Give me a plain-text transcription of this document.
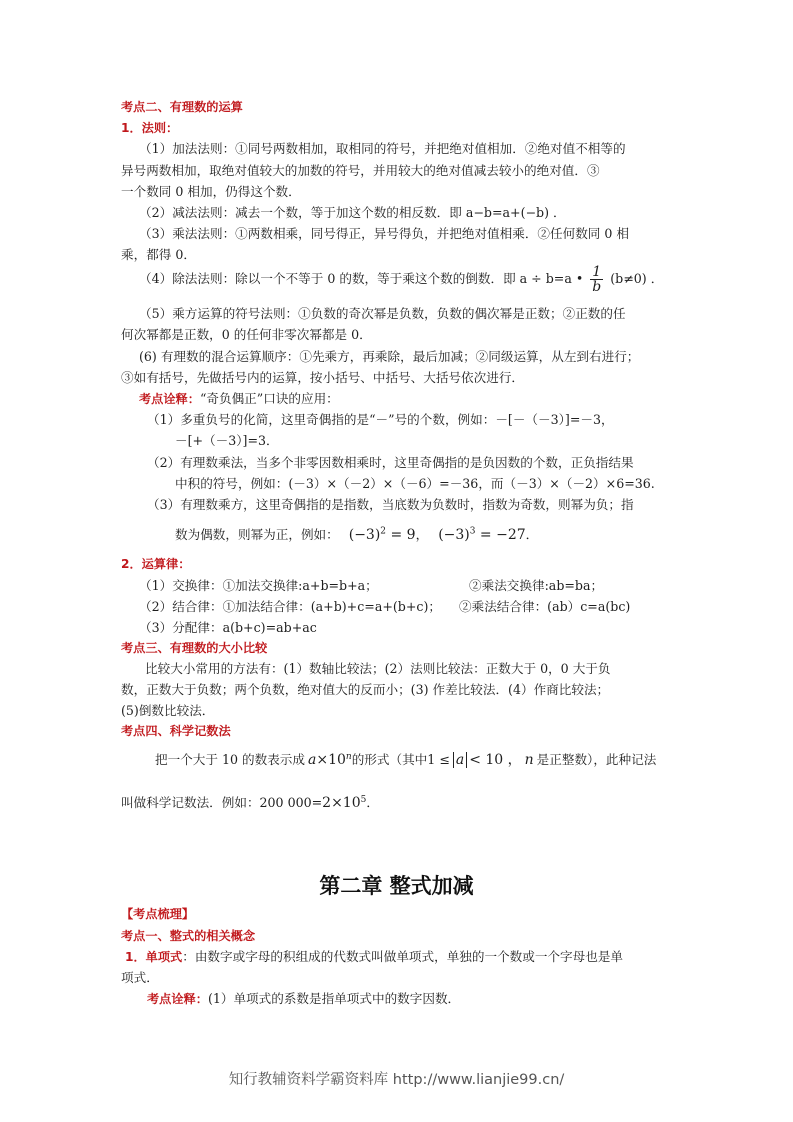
考点二、有理数的运算
1．法则：
（1）加法法则：①同号两数相加，取相同的符号，并把绝对值相加．②绝对值不相等的
异号两数相加，取绝对值较大的加数的符号，并用较大的绝对值减去较小的绝对值．③
一个数同 0 相加，仍得这个数．
（2）减法法则：减去一个数，等于加这个数的相反数．即 a−b=a+(−b) ．
（3）乘法法则：①两数相乘，同号得正，异号得负，并把绝对值相乘．②任何数同 0 相
乘，都得 0．
（4）除法法则：除以一个不等于 0 的数，等于乘这个数的倒数．即 a ÷ b=a • $\frac{1}{b} (b\ne 0)$ ．
（5）乘方运算的符号法则：①负数的奇次幂是负数，负数的偶次幂是正数；②正数的任
何次幂都是正数，0 的任何非零次幂都是 0．
(6) 有理数的混合运算顺序：①先乘方，再乘除，最后加减；②同级运算，从左到右进行；
③如有括号，先做括号内的运算，按小括号、中括号、大括号依次进行．
考点诠释：“奇负偶正”口诀的应用：
（1）多重负号的化简，这里奇偶指的是“－”号的个数，例如：－[－（－3）]=－3，
－[+（－3）]=3．
（2）有理数乘法，当多个非零因数相乘时，这里奇偶指的是负因数的个数，正负指结果
中积的符号，例如：(－3）×（－2）×（－6）=－36，而（－3）×（－2）×6=36.
（3）有理数乘方，这里奇偶指的是指数，当底数为负数时，指数为奇数，则幂为负；指
数为偶数，则幂为正，例如： $(-3)^2 = 9$， $(-3)^3 = -27$．
2．运算律：
（1）交换律：①加法交换律:a+b=b+a；	②乘法交换律:ab=ba；
（2）结合律：①加法结合律：(a+b)+c=a+(b+c)； ②乘法结合律：(ab）c=a(bc)
（3）分配律：a(b+c)=ab+ac
考点三、有理数的大小比较
比较大小常用的方法有：(1）数轴比较法；(2）法则比较法：正数大于 0，0 大于负
数，正数大于负数；两个负数，绝对值大的反而小；(3) 作差比较法．(4）作商比较法；
(5)倒数比较法．
考点四、科学记数法
把一个大于 10 的数表示成 $a\times 10^n$的形式（其中1 ≤ a < 10 ， n 是正整数），此种记法
叫做科学记数法．例如：200 $000=2\times 10^5$．
第二章 整式加减
【考点梳理】
考点一、整式的相关概念
1．单项式：由数字或字母的积组成的代数式叫做单项式，单独的一个数或一个字母也是单
项式．
考点诠释：(1）单项式的系数是指单项式中的数字因数．
知行教辅资料学霸资料库 http://www.lianjie99.cn/
